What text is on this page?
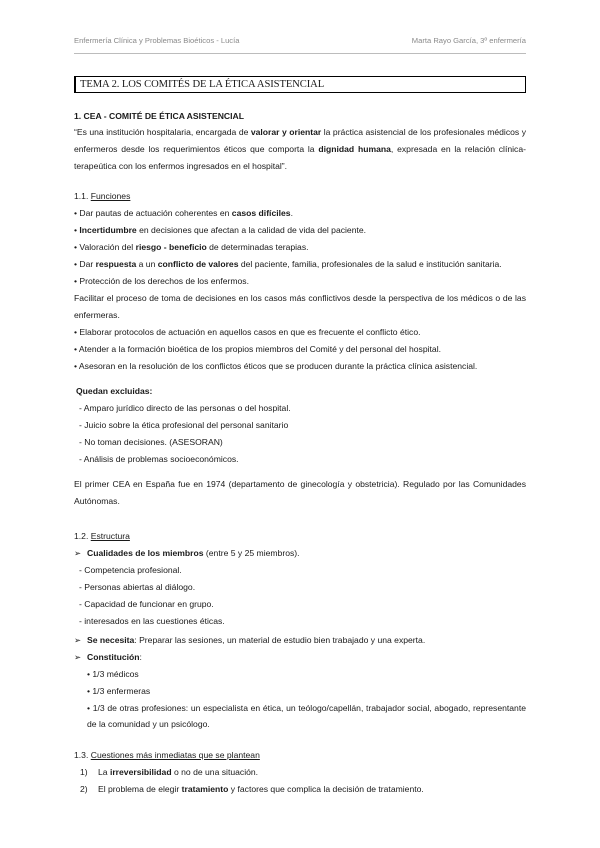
Enfermería Clínica y Problemas Bioéticos - Lucía	Marta Rayo García, 3º enfermería
TEMA 2. LOS COMITÉS DE LA ÉTICA ASISTENCIAL
1. CEA - COMITÉ DE ÉTICA ASISTENCIAL

“Es una institución hospitalaria, encargada de valorar y orientar la práctica asistencial de los profesionales médicos y enfermeros desde los requerimientos éticos que comporta la dignidad humana, expresada en la relación clínica-terapeútica con los enfermos ingresados en el hospital”.

1.1. Funciones
• Dar pautas de actuación coherentes en casos difíciles.
• Incertidumbre en decisiones que afectan a la calidad de vida del paciente.
• Valoración del riesgo - beneficio de determinadas terapias.
• Dar respuesta a un conflicto de valores del paciente, familia, profesionales de la salud e institución sanitaria.
• Protección de los derechos de los enfermos.

Facilitar el proceso de toma de decisiones en los casos más conflictivos desde la perspectiva de los médicos o de las enfermeras.

• Elaborar protocolos de actuación en aquellos casos en que es frecuente el conflicto ético.
• Atender a la formación bioética de los propios miembros del Comité y del personal del hospital.
• Asesoran en la resolución de los conflictos éticos que se producen durante la práctica clínica asistencial.
Quedan excluidas:
- Amparo jurídico directo de las personas o del hospital.
- Juicio sobre la ética profesional del personal sanitario
- No toman decisiones. (ASESORAN)
- Análisis de problemas socioeconómicos.

El primer CEA en España fue en 1974 (departamento de ginecología y obstetricia). Regulado por las Comunidades Autónomas.

1.2. Estructura
➢ Cualidades de los miembros (entre 5 y 25 miembros).
- Competencia profesional.
- Personas abiertas al diálogo.
- Capacidad de funcionar en grupo.
- interesados en las cuestiones éticas.
➢ Se necesita: Preparar las sesiones, un material de estudio bien trabajado y una experta.
➢ Constitución:
• 1/3 médicos
• 1/3 enfermeras

• 1/3 de otras profesiones: un especialista en ética, un teólogo/capellán, trabajador social, abogado, representante de la comunidad y un psicólogo.

1.3. Cuestiones más inmediatas que se plantean
1) La irreversibilidad o no de una situación.
2) El problema de elegir tratamiento y factores que complica la decisión de tratamiento.
